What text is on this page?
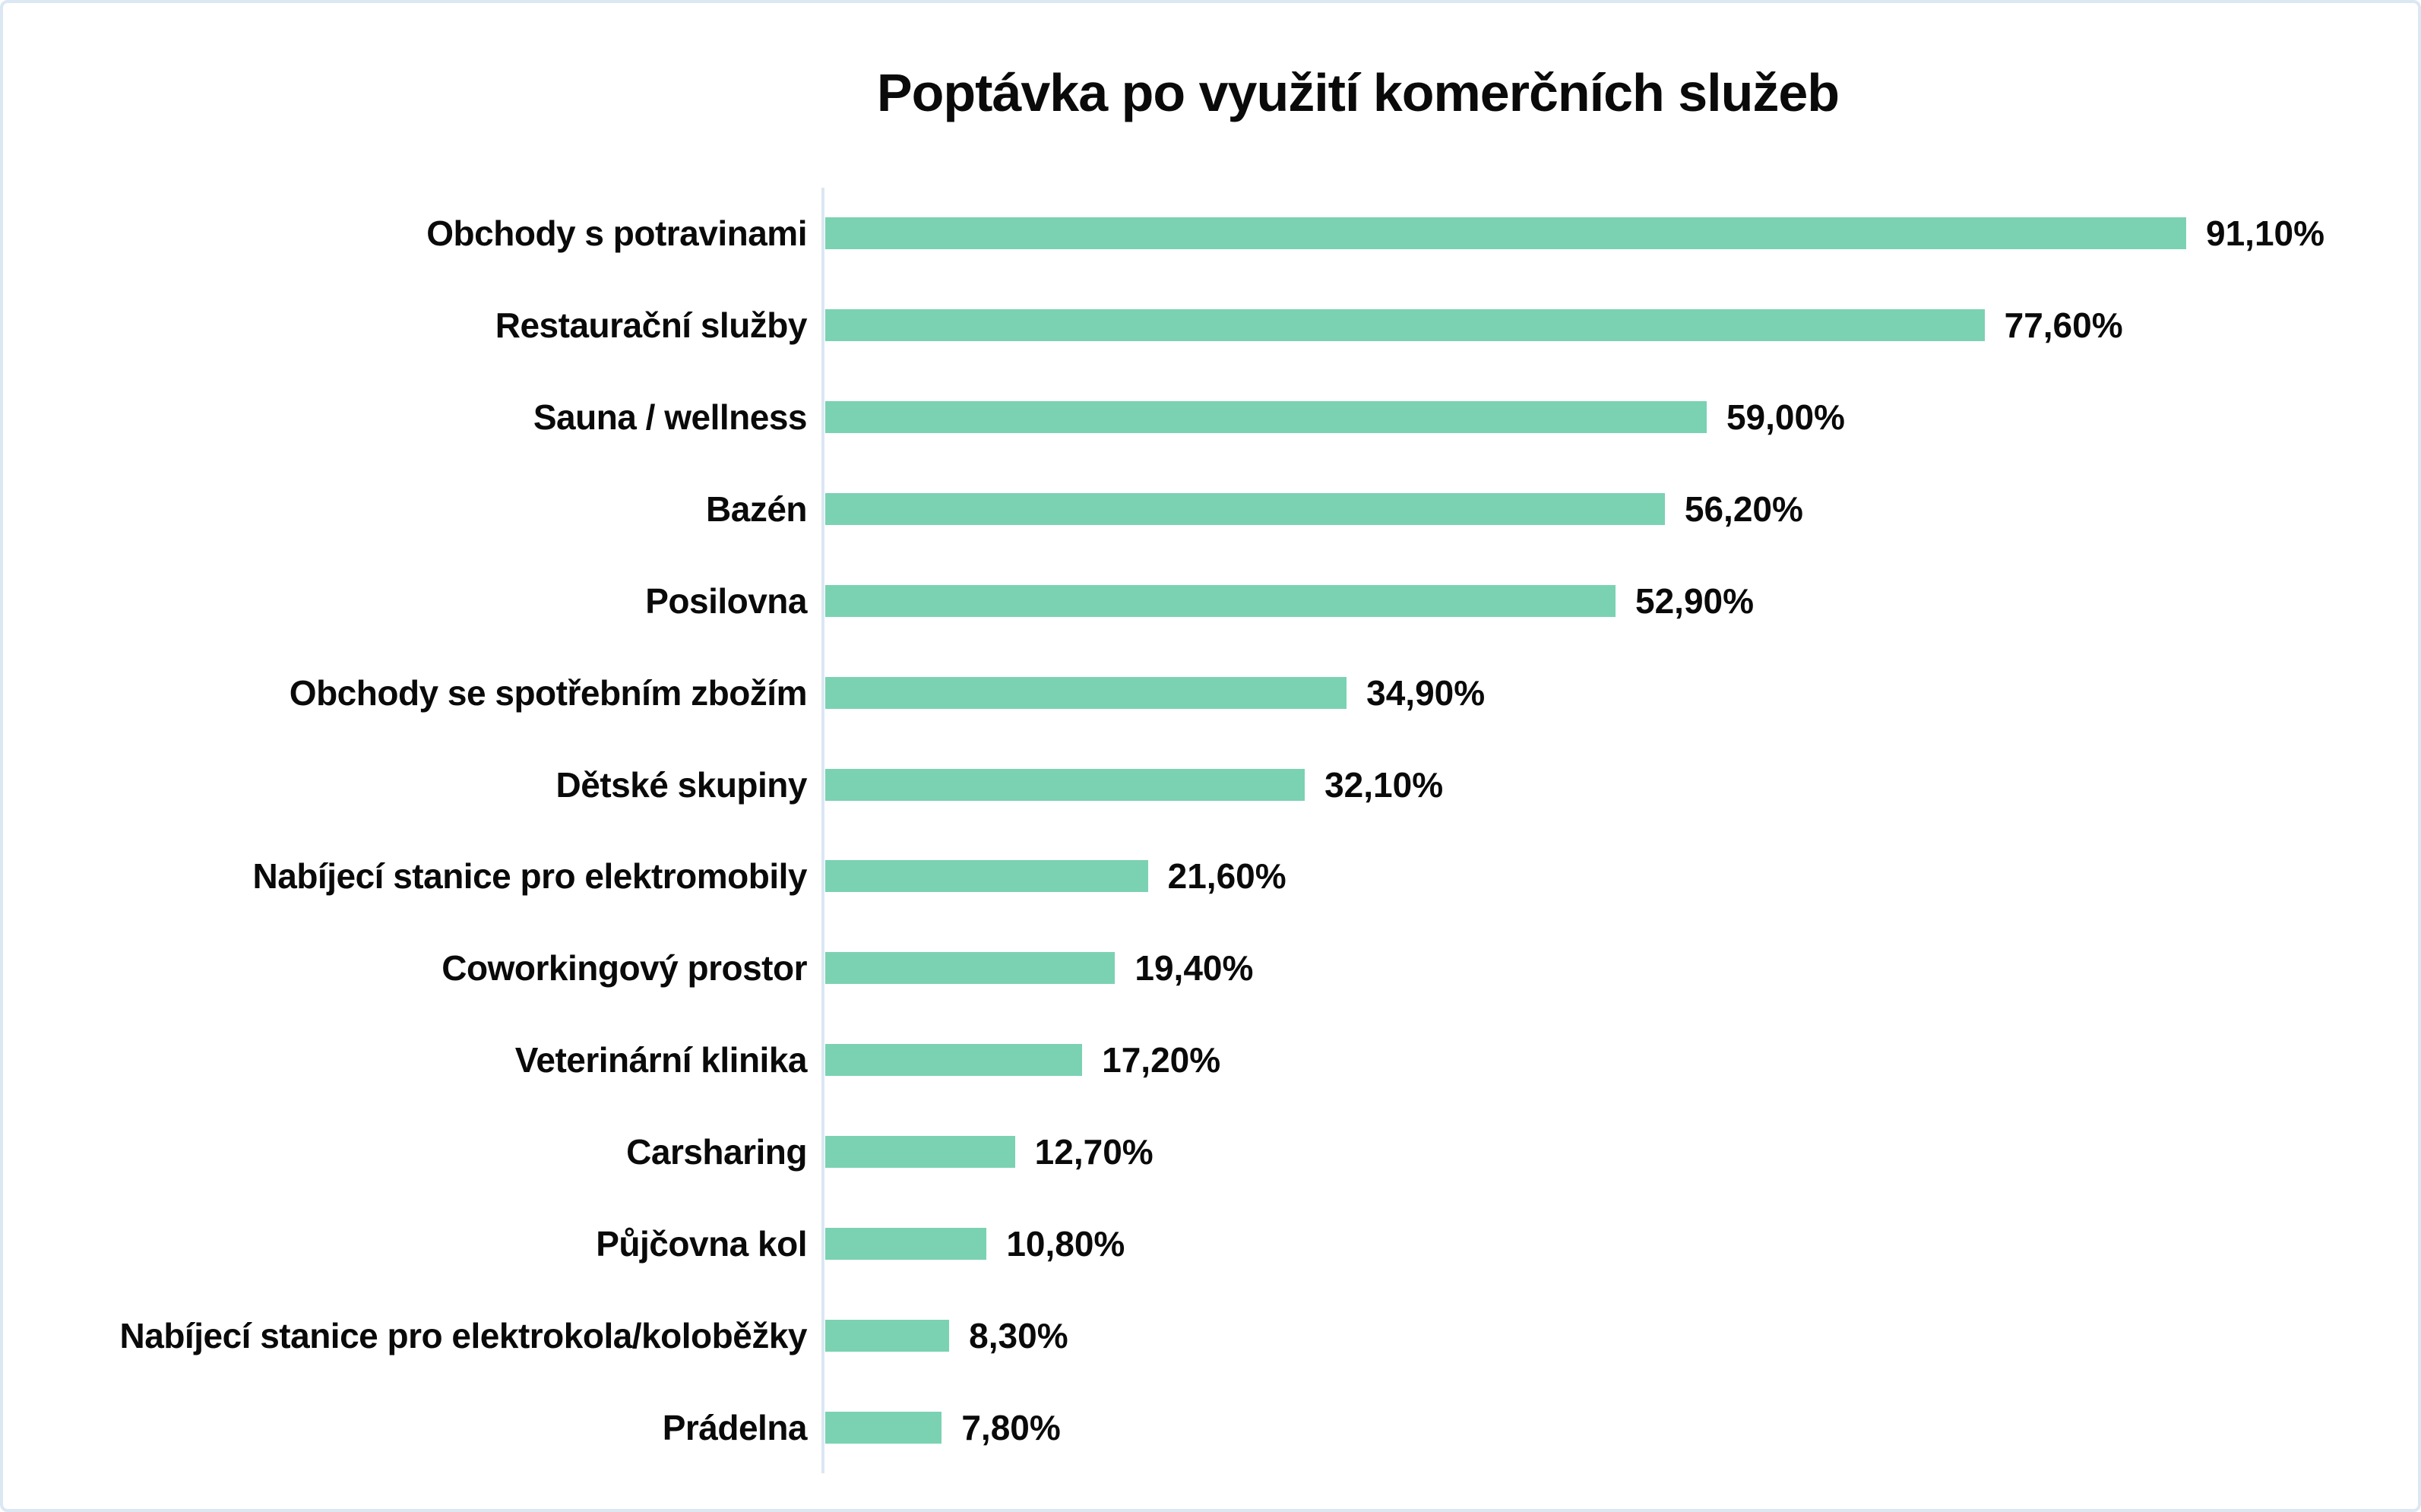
Poptávka po využití komerčních služeb
Obchody s potravinami	91,10%
Restaurační služby	77,60%
Sauna / wellness	59,00%
Bazén	56,20%
Posilovna	52,90%
Obchody se spotřebním zbožím	34,90%
Dětské skupiny	32,10%
Nabíjecí stanice pro elektromobily	21,60%
Coworkingový prostor	19,40%
Veterinární klinika	17,20%
Carsharing	12,70%
Půjčovna kol	10,80%
Nabíjecí stanice pro elektrokola/koloběžky	8,30%
Prádelna	7,80%
